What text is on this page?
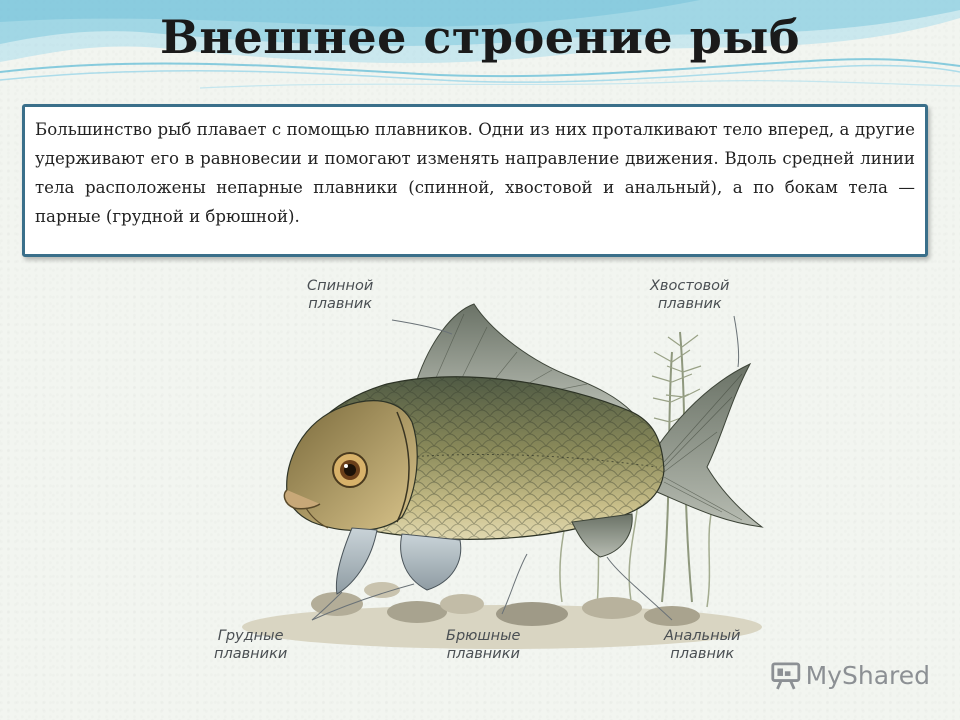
Внешнее строение рыб

Большинство рыб плавает с помощью плавников. Одни из них проталкивают тело вперед, а другие удерживают его в равновесии и помогают изменять направление движения. Вдоль средней линии тела расположены непарные плавники (спинной, хвостовой и анальный), а по бокам тела — парные (грудной и брюшной).

Спинной
плавник
Хвостовой
плавник
Грудные
плавники
Брюшные
плавники
Анальный
плавник
MyShared
